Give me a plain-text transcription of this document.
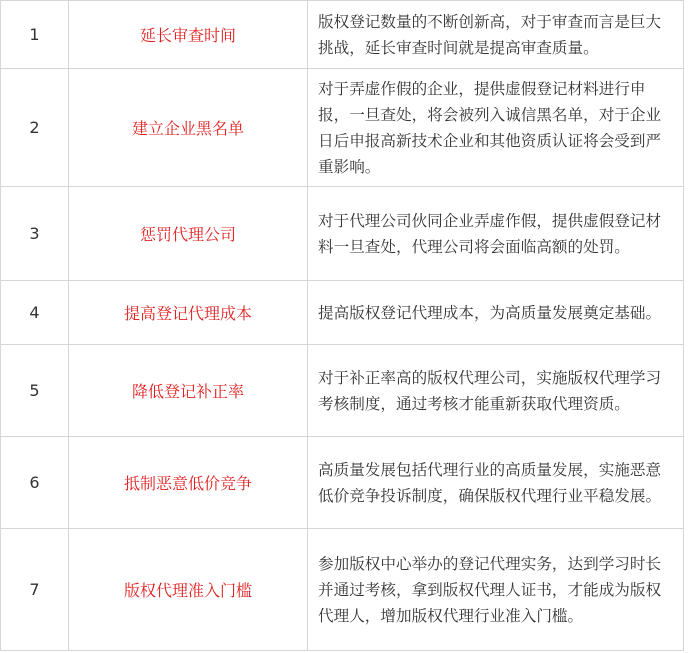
1	延长审查时间	版权登记数量的不断创新高，对于审查而言是巨大挑战，延长审查时间就是提高审查质量。
2	建立企业黑名单	对于弄虚作假的企业，提供虚假登记材料进行申报，一旦查处，将会被列入诚信黑名单，对于企业日后申报高新技术企业和其他资质认证将会受到严重影响。
3	惩罚代理公司	对于代理公司伙同企业弄虚作假，提供虚假登记材料一旦查处，代理公司将会面临高额的处罚。
4	提高登记代理成本	提高版权登记代理成本，为高质量发展奠定基础。
5	降低登记补正率	对于补正率高的版权代理公司，实施版权代理学习考核制度，通过考核才能重新获取代理资质。
6	抵制恶意低价竞争	高质量发展包括代理行业的高质量发展，实施恶意低价竞争投诉制度，确保版权代理行业平稳发展。
7	版权代理准入门槛	参加版权中心举办的登记代理实务，达到学习时长并通过考核，拿到版权代理人证书，才能成为版权代理人，增加版权代理行业准入门槛。
